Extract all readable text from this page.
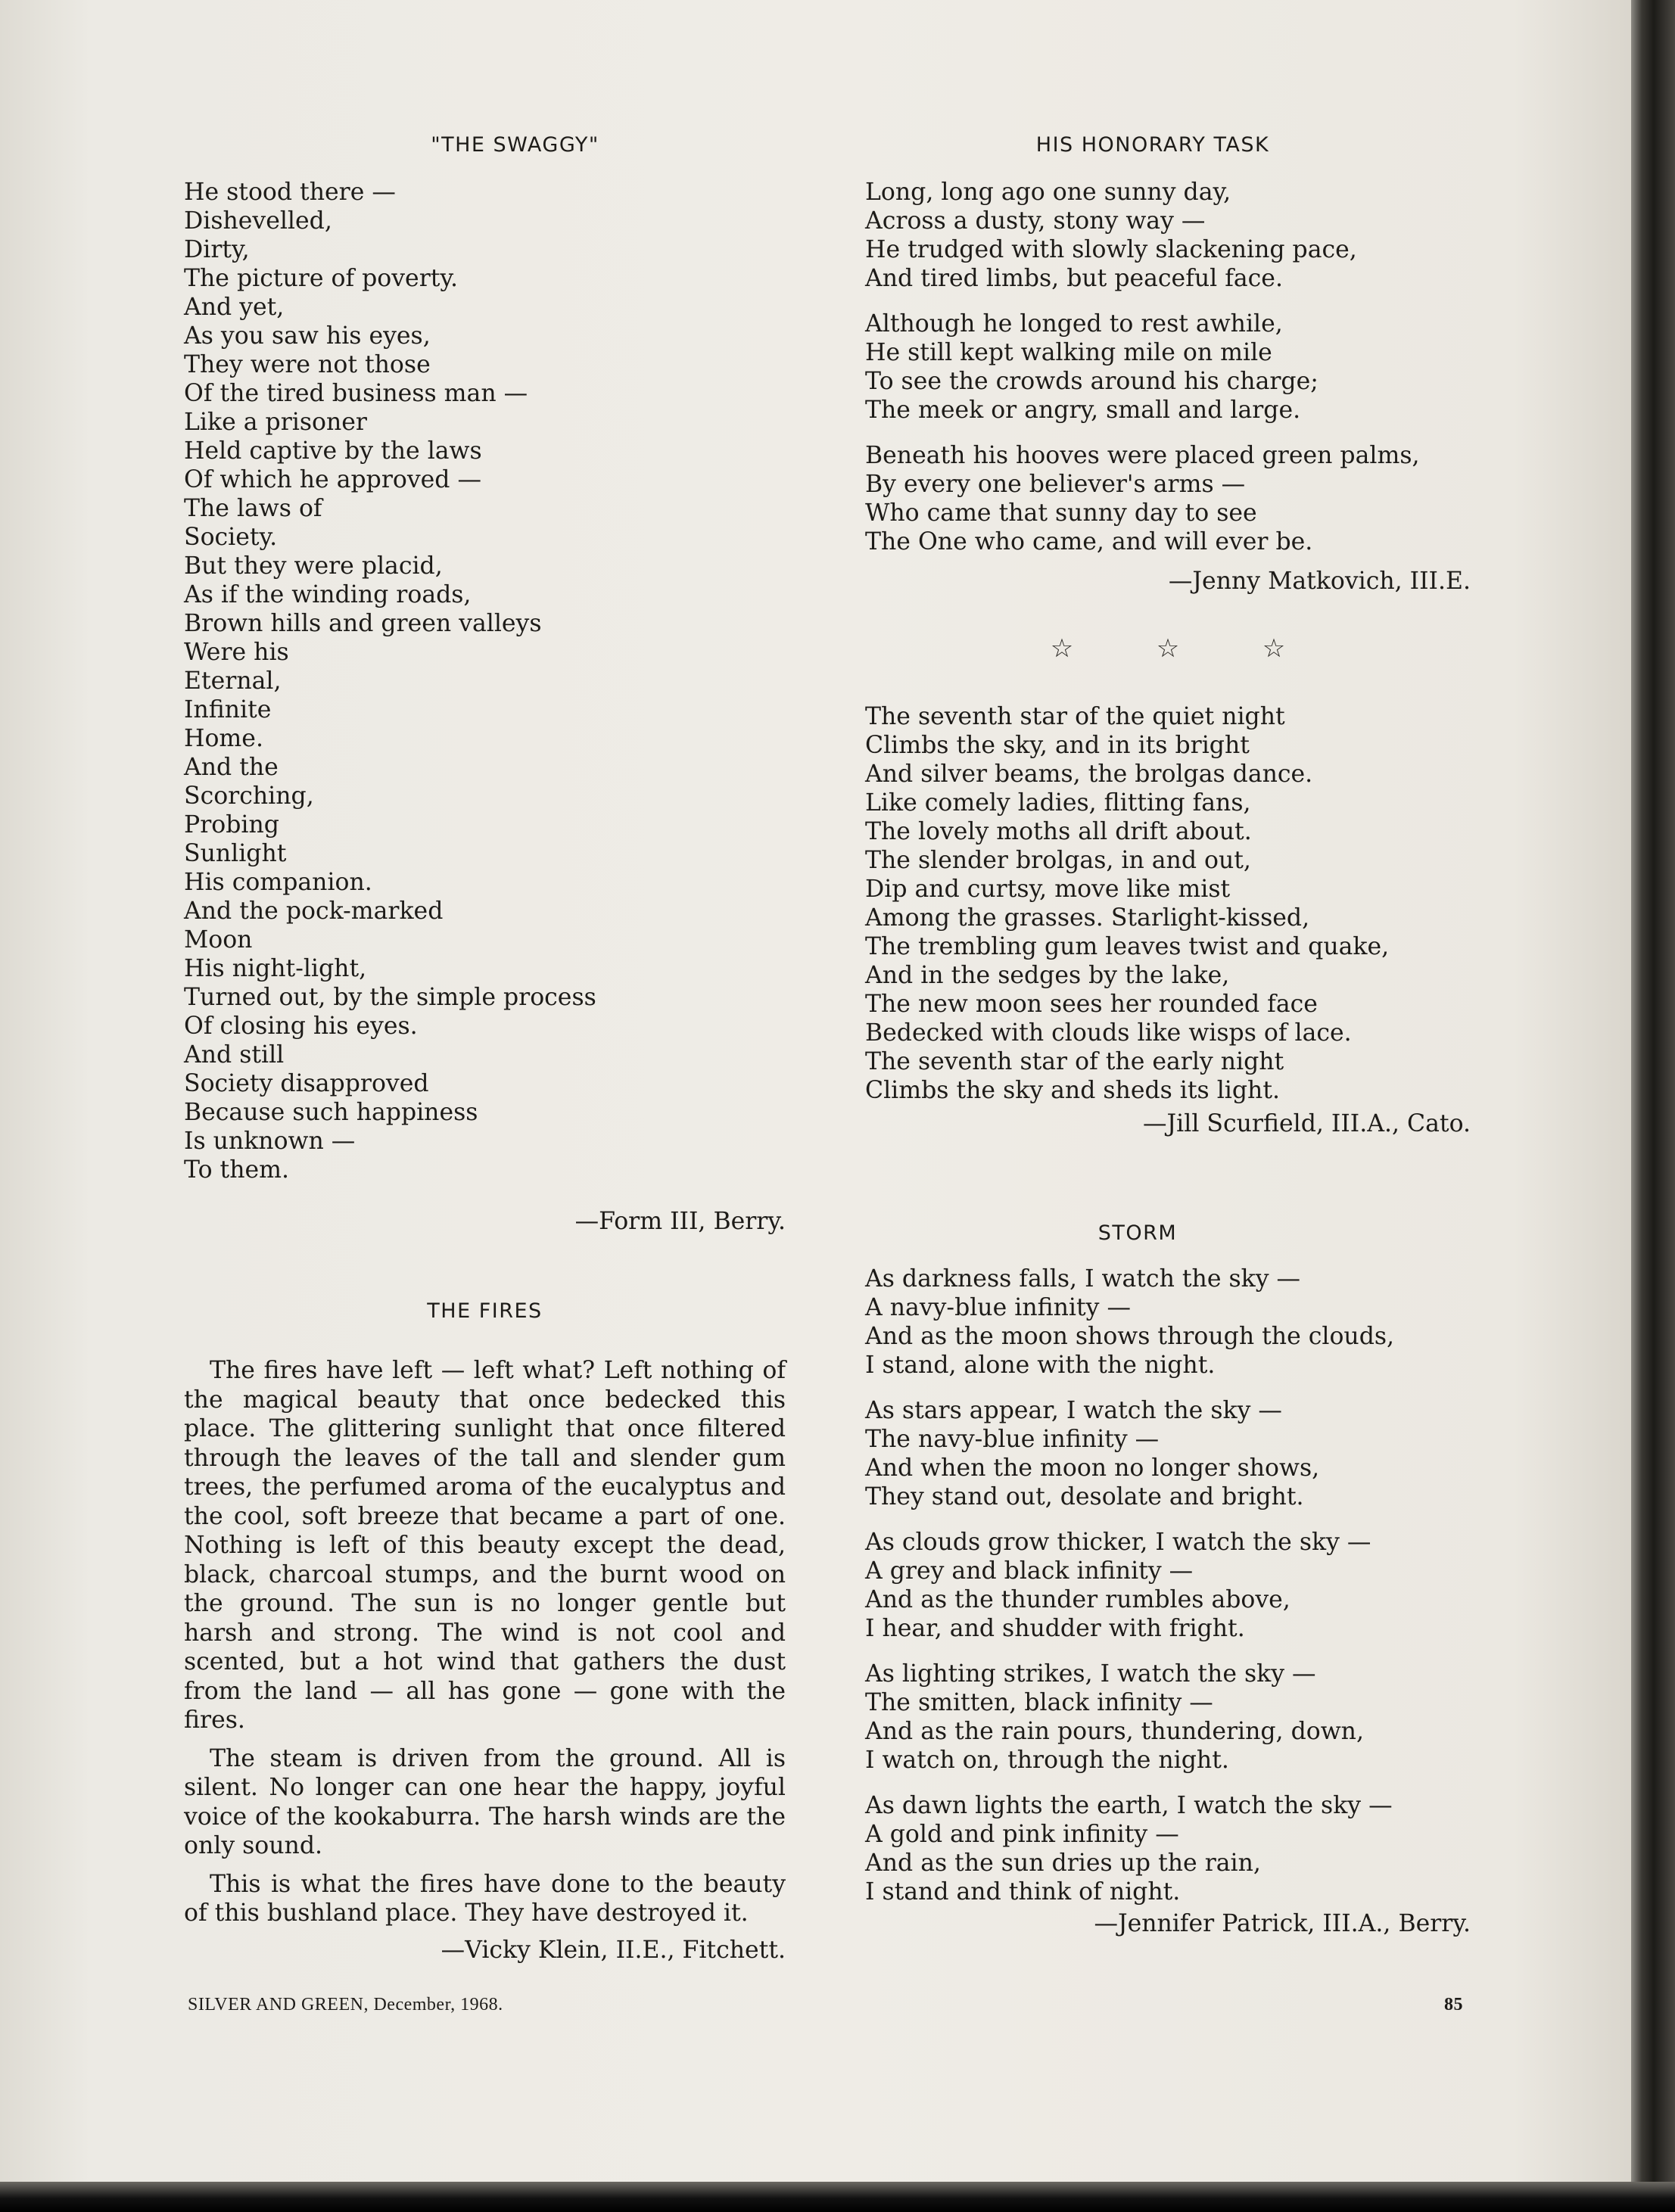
"THE SWAGGY"
He stood there —
Dishevelled,
Dirty,
The picture of poverty.
And yet,
As you saw his eyes,
They were not those
Of the tired business man —
Like a prisoner
Held captive by the laws
Of which he approved —
The laws of
Society.
But they were placid,
As if the winding roads,
Brown hills and green valleys
Were his
Eternal,
Infinite
Home.
And the
Scorching,
Probing
Sunlight
His companion.
And the pock-marked
Moon
His night-light,
Turned out, by the simple process
Of closing his eyes.
And still
Society disapproved
Because such happiness
Is unknown —
To them.
—Form III, Berry.
THE FIRES

The fires have left — left what? Left nothing of the magical beauty that once bedecked this place. The glittering sunlight that once filtered through the leaves of the tall and slender gum trees, the perfumed aroma of the eucalyptus and the cool, soft breeze that became a part of one. Nothing is left of this beauty except the dead, black, charcoal stumps, and the burnt wood on the ground. The sun is no longer gentle but harsh and strong. The wind is not cool and scented, but a hot wind that gathers the dust from the land — all has gone — gone with the fires.

The steam is driven from the ground. All is silent. No longer can one hear the happy, joyful voice of the kookaburra. The harsh winds are the only sound.

This is what the fires have done to the beauty of this bushland place. They have destroyed it.

—Vicky Klein, II.E., Fitchett.
HIS HONORARY TASK
Long, long ago one sunny day,
Across a dusty, stony way —
He trudged with slowly slackening pace,
And tired limbs, but peaceful face.
Although he longed to rest awhile,
He still kept walking mile on mile
To see the crowds around his charge;
The meek or angry, small and large.
Beneath his hooves were placed green palms,
By every one believer's arms —
Who came that sunny day to see
The One who came, and will ever be.
—Jenny Matkovich, III.E.
☆	☆	☆
The seventh star of the quiet night
Climbs the sky, and in its bright
And silver beams, the brolgas dance.
Like comely ladies, flitting fans,
The lovely moths all drift about.
The slender brolgas, in and out,
Dip and curtsy, move like mist
Among the grasses. Starlight-kissed,
The trembling gum leaves twist and quake,
And in the sedges by the lake,
The new moon sees her rounded face
Bedecked with clouds like wisps of lace.
The seventh star of the early night
Climbs the sky and sheds its light.
—Jill Scurfield, III.A., Cato.
STORM
As darkness falls, I watch the sky —
A navy-blue infinity —
And as the moon shows through the clouds,
I stand, alone with the night.
As stars appear, I watch the sky —
The navy-blue infinity —
And when the moon no longer shows,
They stand out, desolate and bright.
As clouds grow thicker, I watch the sky —
A grey and black infinity —
And as the thunder rumbles above,
I hear, and shudder with fright.
As lighting strikes, I watch the sky —
The smitten, black infinity —
And as the rain pours, thundering, down,
I watch on, through the night.
As dawn lights the earth, I watch the sky —
A gold and pink infinity —
And as the sun dries up the rain,
I stand and think of night.
—Jennifer Patrick, III.A., Berry.
SILVER AND GREEN, December, 1968.	85
